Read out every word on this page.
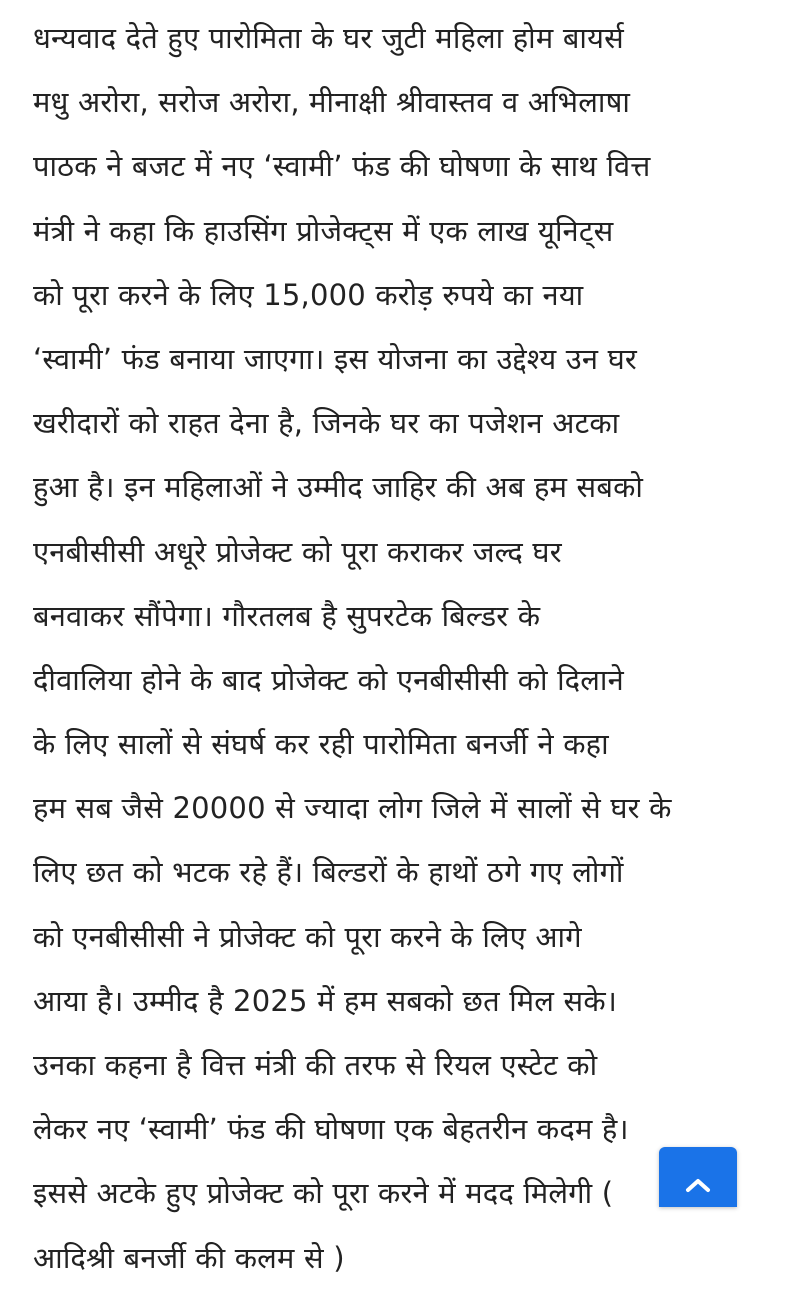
धन्यवाद देते हुए पारोमिता के घर जुटी महिला होम बायर्स
मधु अरोरा, सरोज अरोरा, मीनाक्षी श्रीवास्तव व अभिलाषा
पाठक ने बजट में नए ‘स्वामी’ फंड की घोषणा के साथ वित्त
मंत्री ने कहा कि हाउसिंग प्रोजेक्ट्स में एक लाख यूनिट्स
को पूरा करने के लिए 15,000 करोड़ रुपये का नया
‘स्वामी’ फंड बनाया जाएगा। इस योजना का उद्देश्य उन घर
खरीदारों को राहत देना है, जिनके घर का पजेशन अटका
हुआ है। इन महिलाओं ने उम्मीद जाहिर की अब हम सबको
एनबीसीसी अधूरे प्रोजेक्ट को पूरा कराकर जल्द घर
बनवाकर सौंपेगा। गौरतलब है सुपरटेक बिल्डर के
दीवालिया होने के बाद प्रोजेक्ट को एनबीसीसी को दिलाने
के लिए सालों से संघर्ष कर रही पारोमिता बनर्जी ने कहा
हम सब जैसे 20000 से ज्यादा लोग जिले में सालों से घर के
लिए छत को भटक रहे हैं। बिल्डरों के हाथों ठगे गए लोगों
को एनबीसीसी ने प्रोजेक्ट को पूरा करने के लिए आगे
आया है। उम्मीद है 2025 में हम सबको छत मिल सके।
उनका कहना है वित्त मंत्री की तरफ से रियल एस्टेट को
लेकर नए ‘स्वामी’ फंड की घोषणा एक बेहतरीन कदम है।
इससे अटके हुए प्रोजेक्ट को पूरा करने में मदद मिलेगी (
आदिश्री बनर्जी की कलम से )
